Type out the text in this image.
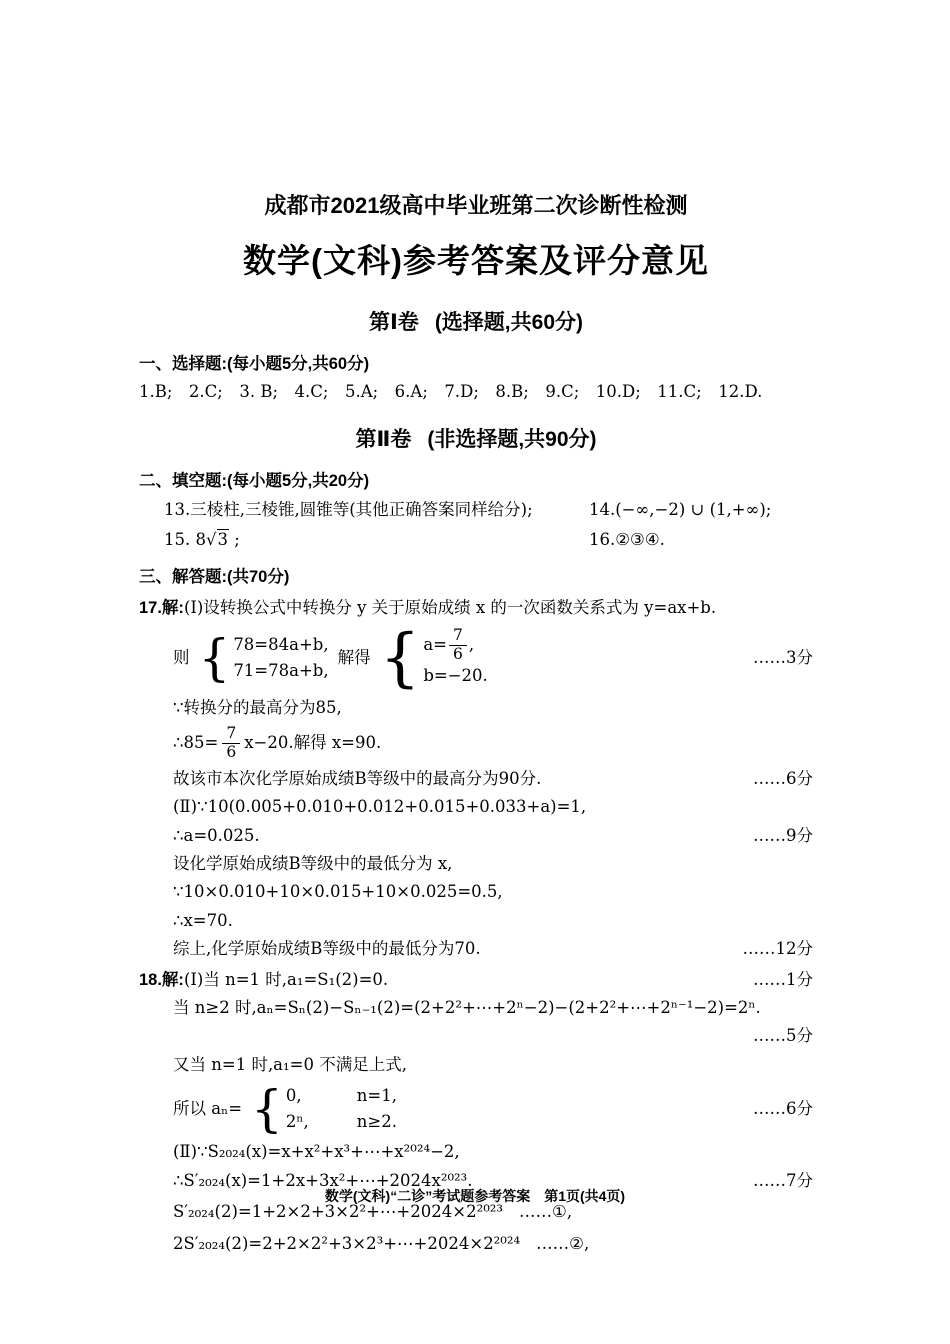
成都市2021级高中毕业班第二次诊断性检测
数学(文科)参考答案及评分意见
第Ⅰ卷 (选择题,共60分)
一、选择题:(每小题5分,共60分)
1.B;　2.C;　3. B;　4.C;　5.A;　6.A;　7.D;　8.B;　9.C;　10.D;　11.C;　12.D.
第Ⅱ卷 (非选择题,共90分)
二、填空题:(每小题5分,共20分)
13.三棱柱,三棱锥,圆锥等(其他正确答案同样给分);	14.(−∞,−2) ∪ (1,+∞);
15. 8√3 ;	16.②③④.
三、解答题:(共70分)
17.解:(Ⅰ)设转换公式中转换分 y 关于原始成绩 x 的一次函数关系式为 y=ax+b.
则 { 78=84a+b,
71=78a+b,
解得 { $a= \frac{7}{6}$ ,
b=−20.
……3分
∵转换分的最高分为85,
∴85= $\frac{7}{6} x-20$.解得 x=90.
故该市本次化学原始成绩B等级中的最高分为90分.	……6分
(Ⅱ)∵10(0.005+0.010+0.012+0.015+0.033+a)=1,
∴a=0.025.	……9分
设化学原始成绩B等级中的最低分为 x,
∵10×0.010+10×0.015+10×0.025=0.5,
∴x=70.
综上,化学原始成绩B等级中的最低分为70.	……12分
18.解:(Ⅰ)当 n=1 时,a₁=S₁(2)=0.	……1分
当 n≥2 时,aₙ=Sₙ(2)−Sₙ₋₁(2)=(2+2²+⋯+2ⁿ−2)−(2+2²+⋯+2ⁿ⁻¹−2)=2ⁿ.
……5分
又当 n=1 时,a₁=0 不满足上式,
所以 aₙ= { 0,	n=1,
2ⁿ,	n≥2.
……6分
(Ⅱ)∵S₂₀₂₄(x)=x+x²+x³+⋯+x²⁰²⁴−2,
∴S′₂₀₂₄(x)=1+2x+3x²+⋯+2024x²⁰²³.	……7分
S′₂₀₂₄(2)=1+2×2+3×2²+⋯+2024×2²⁰²³ ……①,
2S′₂₀₂₄(2)=2+2×2²+3×2³+⋯+2024×2²⁰²⁴ ……②,
数学(文科)“二诊”考试题参考答案　第1页(共4页)
